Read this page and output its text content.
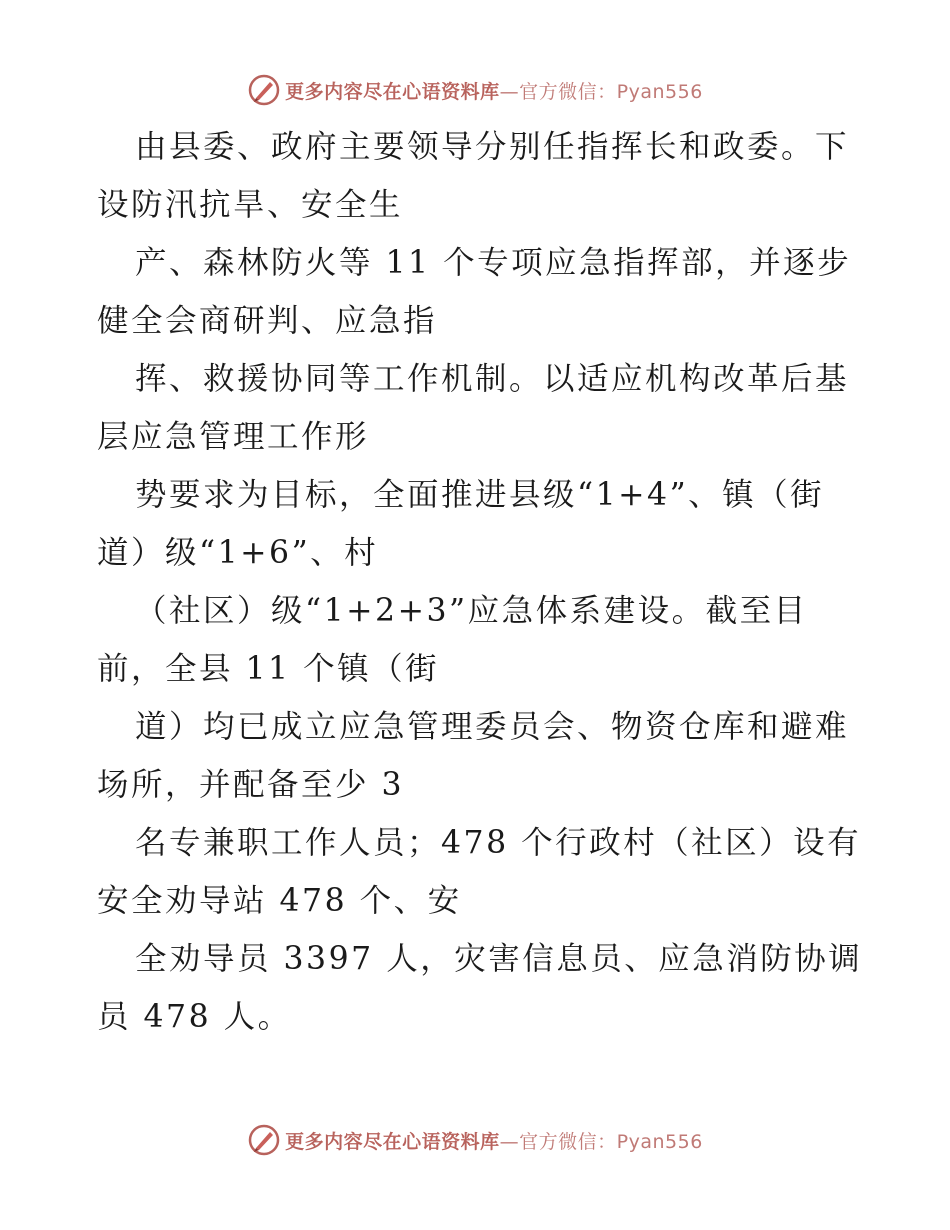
更多内容尽在心语资料库—官方微信：Pyan556
由县委、政府主要领导分别任指挥长和政委。下
设防汛抗旱、安全生
产、森林防火等 11 个专项应急指挥部，并逐步
健全会商研判、应急指
挥、救援协同等工作机制。以适应机构改革后基
层应急管理工作形
势要求为目标，全面推进县级“1+4”、镇（街
道）级“1+6”、村
（社区）级“1+2+3”应急体系建设。截至目
前，全县 11 个镇（街
道）均已成立应急管理委员会、物资仓库和避难
场所，并配备至少 3
名专兼职工作人员；478 个行政村（社区）设有
安全劝导站 478 个、安
全劝导员 3397 人，灾害信息员、应急消防协调
员 478 人。
更多内容尽在心语资料库—官方微信：Pyan556
